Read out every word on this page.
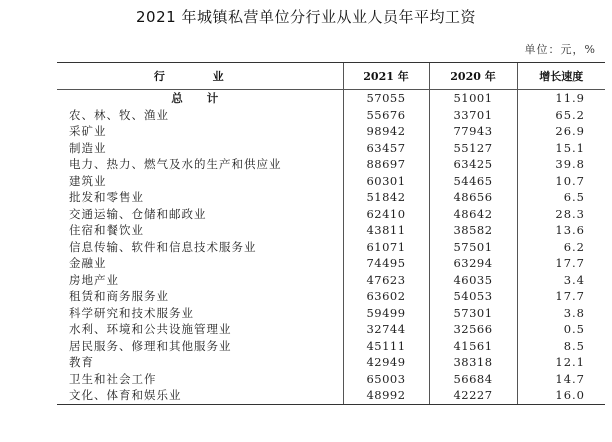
2021 年城镇私营单位分行业从业人员年平均工资
单位：元，%
行 业	2021 年	2020 年	增长速度
总 计	57055	51001	11.9
农、林、牧、渔业	55676	33701	65.2
采矿业	98942	77943	26.9
制造业	63457	55127	15.1
电力、热力、燃气及水的生产和供应业	88697	63425	39.8
建筑业	60301	54465	10.7
批发和零售业	51842	48656	6.5
交通运输、仓储和邮政业	62410	48642	28.3
住宿和餐饮业	43811	38582	13.6
信息传输、软件和信息技术服务业	61071	57501	6.2
金融业	74495	63294	17.7
房地产业	47623	46035	3.4
租赁和商务服务业	63602	54053	17.7
科学研究和技术服务业	59499	57301	3.8
水利、环境和公共设施管理业	32744	32566	0.5
居民服务、修理和其他服务业	45111	41561	8.5
教育	42949	38318	12.1
卫生和社会工作	65003	56684	14.7
文化、体育和娱乐业	48992	42227	16.0
